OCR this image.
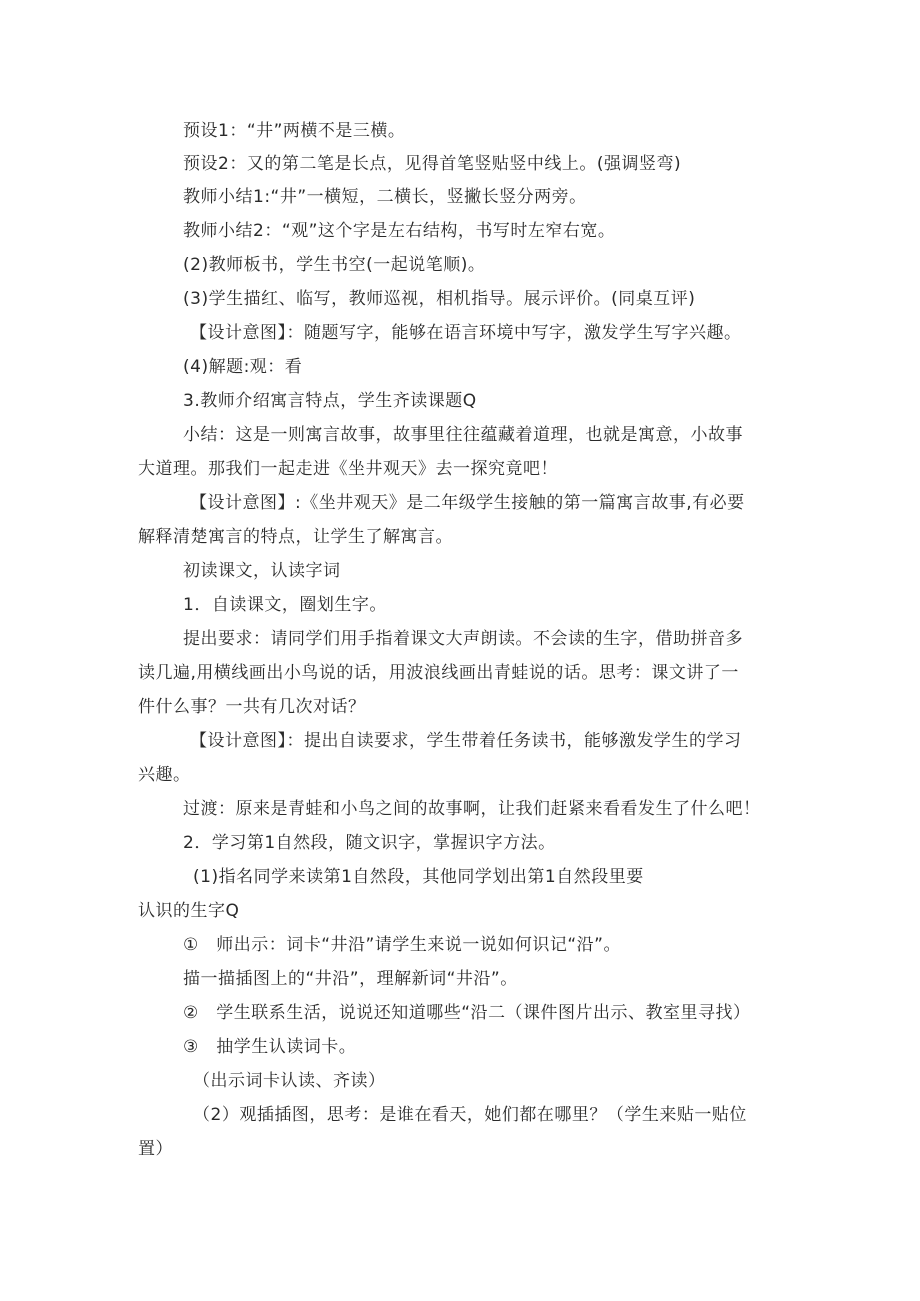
预设1：“井”两横不是三横。
预设2：又的第二笔是长点，见得首笔竖贴竖中线上。(强调竖弯)
教师小结1:“井”一横短，二横长，竖撇长竖分两旁。
教师小结2：“观”这个字是左右结构，书写时左窄右宽。
(2)教师板书，学生书空(一起说笔顺)。
(3)学生描红、临写，教师巡视，相机指导。展示评价。(同桌互评)
【设计意图】：随题写字，能够在语言环境中写字，激发学生写字兴趣。
(4)解题:观：看
3.教师介绍寓言特点，学生齐读课题Q
小结：这是一则寓言故事，故事里往往蕴藏着道理，也就是寓意，小故事
大道理。那我们一起走进《坐井观天》去一探究竟吧！
【设计意图】:《坐井观天》是二年级学生接触的第一篇寓言故事,有必要
解释清楚寓言的特点，让学生了解寓言。
初读课文，认读字词
1．自读课文，圈划生字。
提出要求：请同学们用手指着课文大声朗读。不会读的生字，借助拼音多
读几遍,用横线画出小鸟说的话，用波浪线画出青蛙说的话。思考：课文讲了一
件什么事？一共有几次对话？
【设计意图】：提出自读要求，学生带着任务读书，能够激发学生的学习
兴趣。
过渡：原来是青蛙和小鸟之间的故事啊，让我们赶紧来看看发生了什么吧！
2．学习第1自然段，随文识字，掌握识字方法。
(1)指名同学来读第1自然段，其他同学划出第1自然段里要
认识的生字Q
①　师出示：词卡“井沿”请学生来说一说如何识记“沿”。
描一描插图上的“井沿”，理解新词“井沿”。
②　学生联系生活，说说还知道哪些“沿二（课件图片出示、教室里寻找）
③　抽学生认读词卡。
（出示词卡认读、齐读）
（2）观插插图，思考：是谁在看天，她们都在哪里？（学生来贴一贴位
置）
